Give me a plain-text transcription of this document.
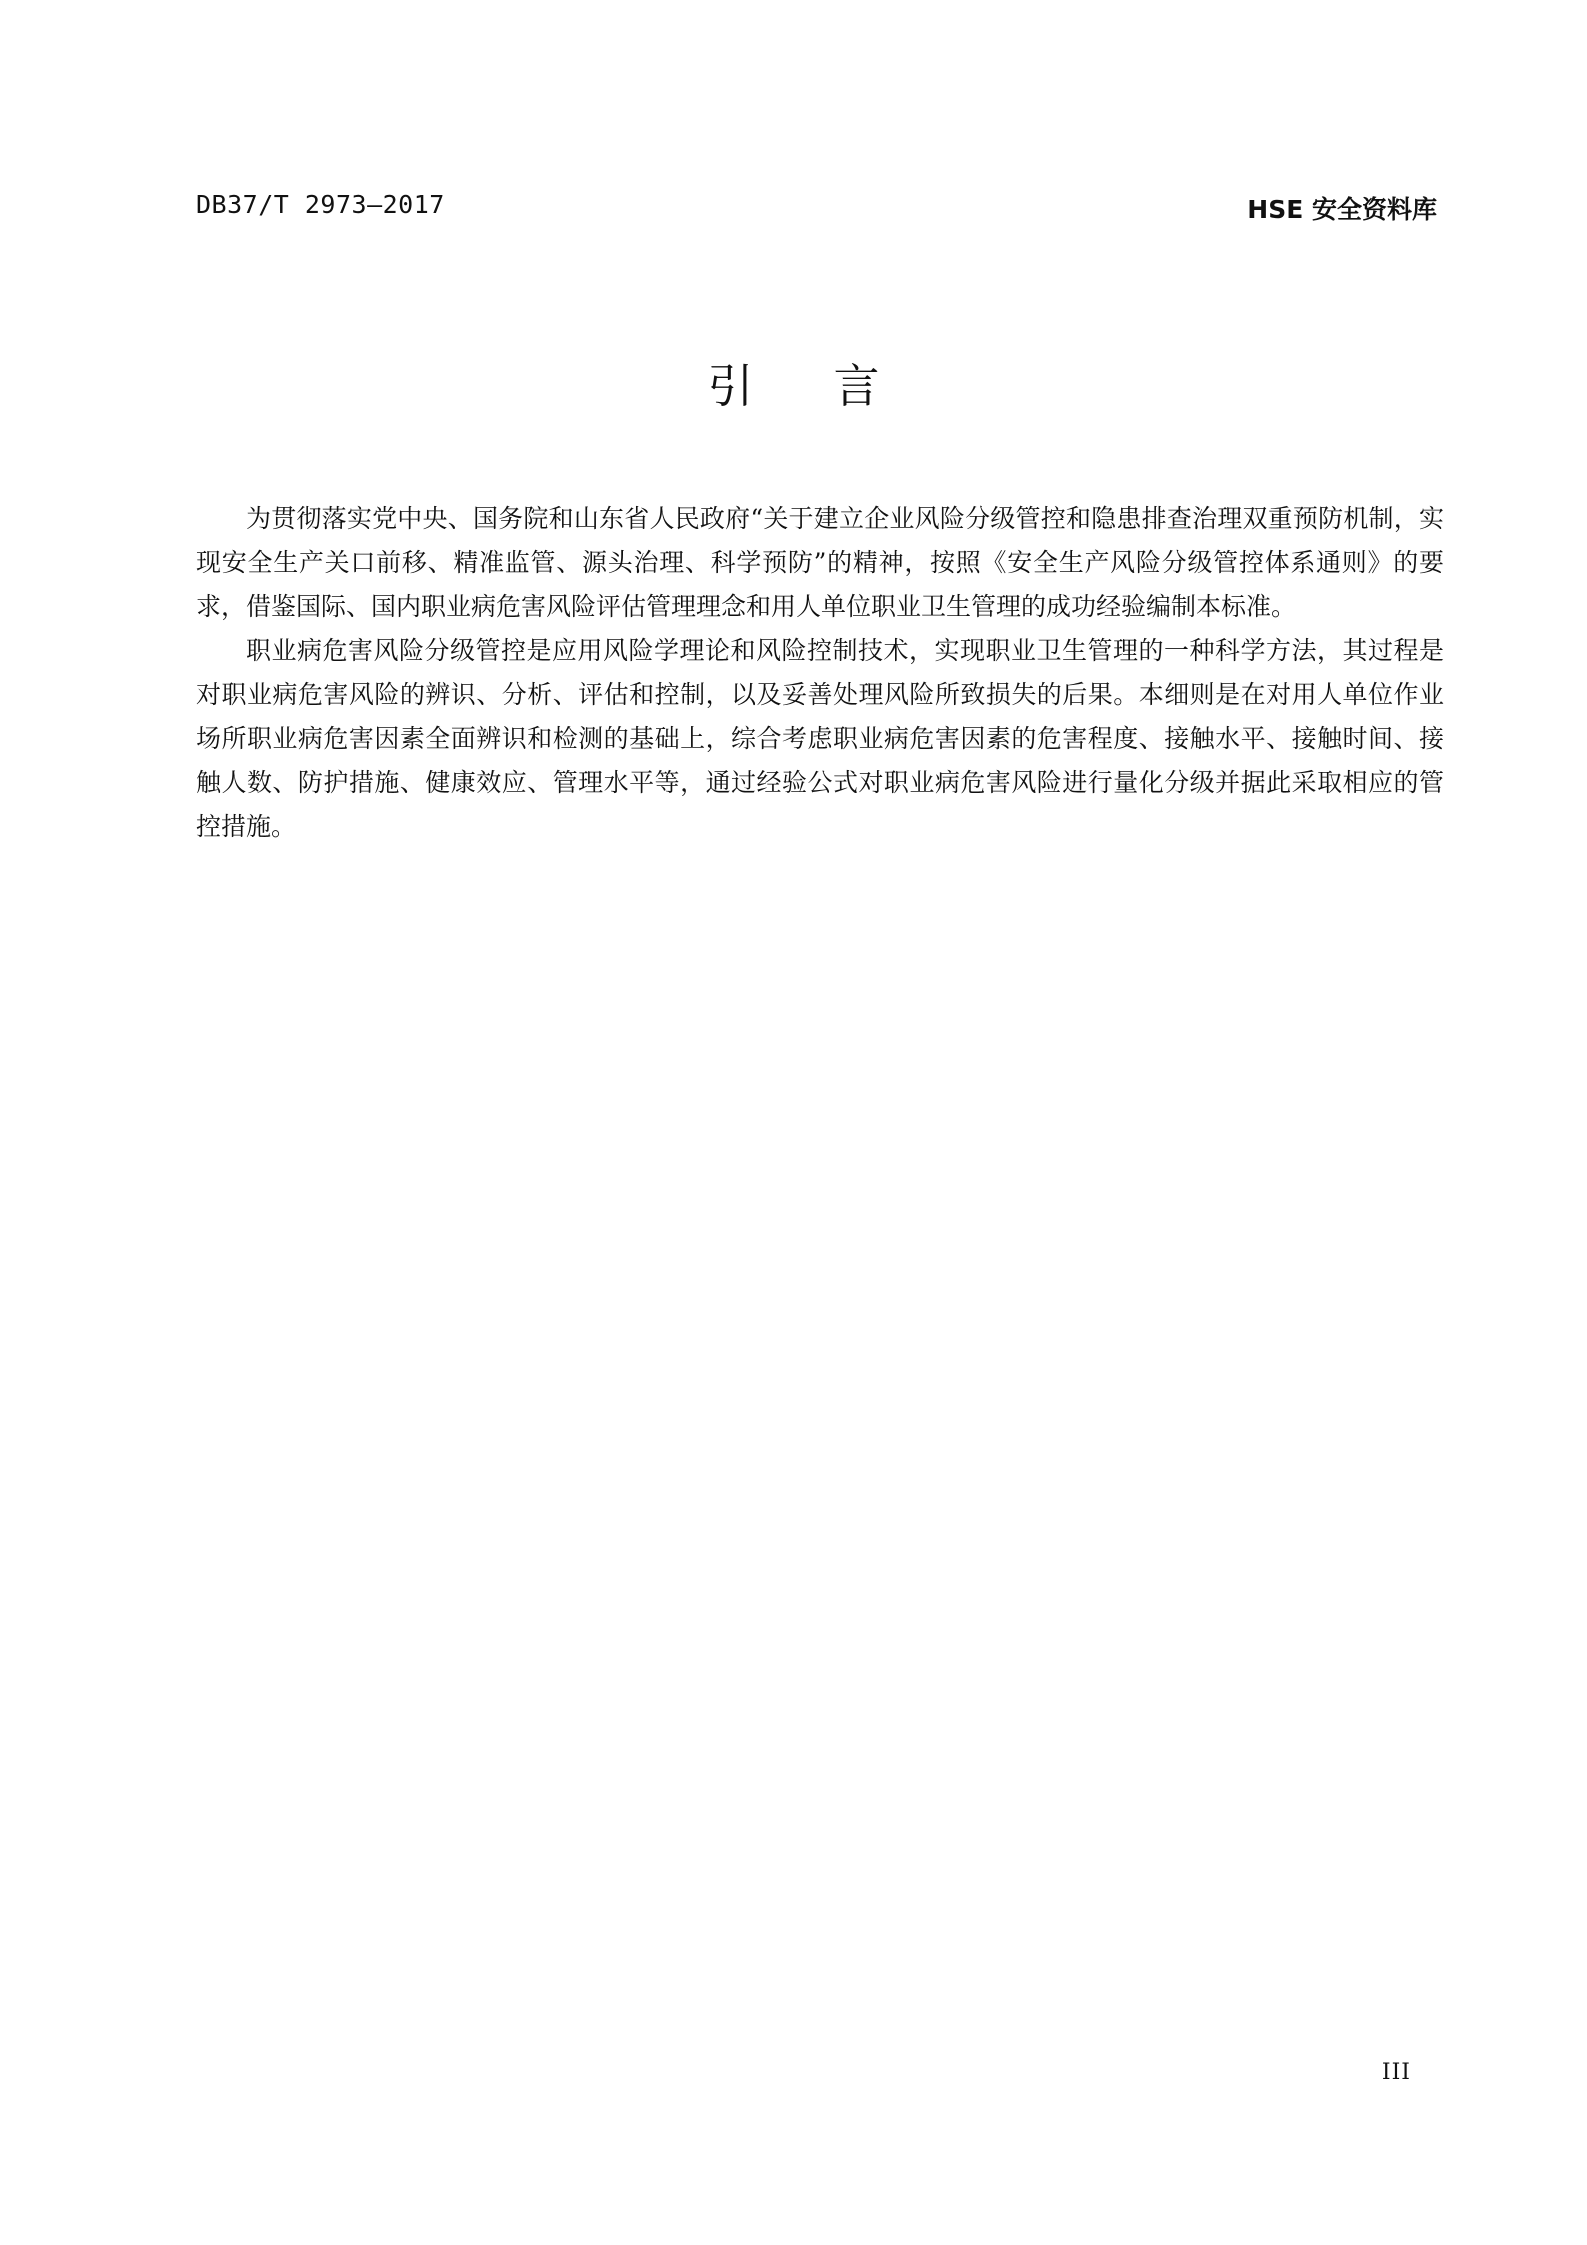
DB37/T 2973—2017	HSE 安全资料库
引言

为贯彻落实党中央、国务院和山东省人民政府“关于建立企业风险分级管控和隐患排查治理双重预防机制，实现安全生产关口前移、精准监管、源头治理、科学预防”的精神，按照《安全生产风险分级管控体系通则》的要求，借鉴国际、国内职业病危害风险评估管理理念和用人单位职业卫生管理的成功经验编制本标准。

职业病危害风险分级管控是应用风险学理论和风险控制技术，实现职业卫生管理的一种科学方法，其过程是对职业病危害风险的辨识、分析、评估和控制，以及妥善处理风险所致损失的后果。本细则是在对用人单位作业场所职业病危害因素全面辨识和检测的基础上，综合考虑职业病危害因素的危害程度、接触水平、接触时间、接触人数、防护措施、健康效应、管理水平等，通过经验公式对职业病危害风险进行量化分级并据此采取相应的管控措施。

III
